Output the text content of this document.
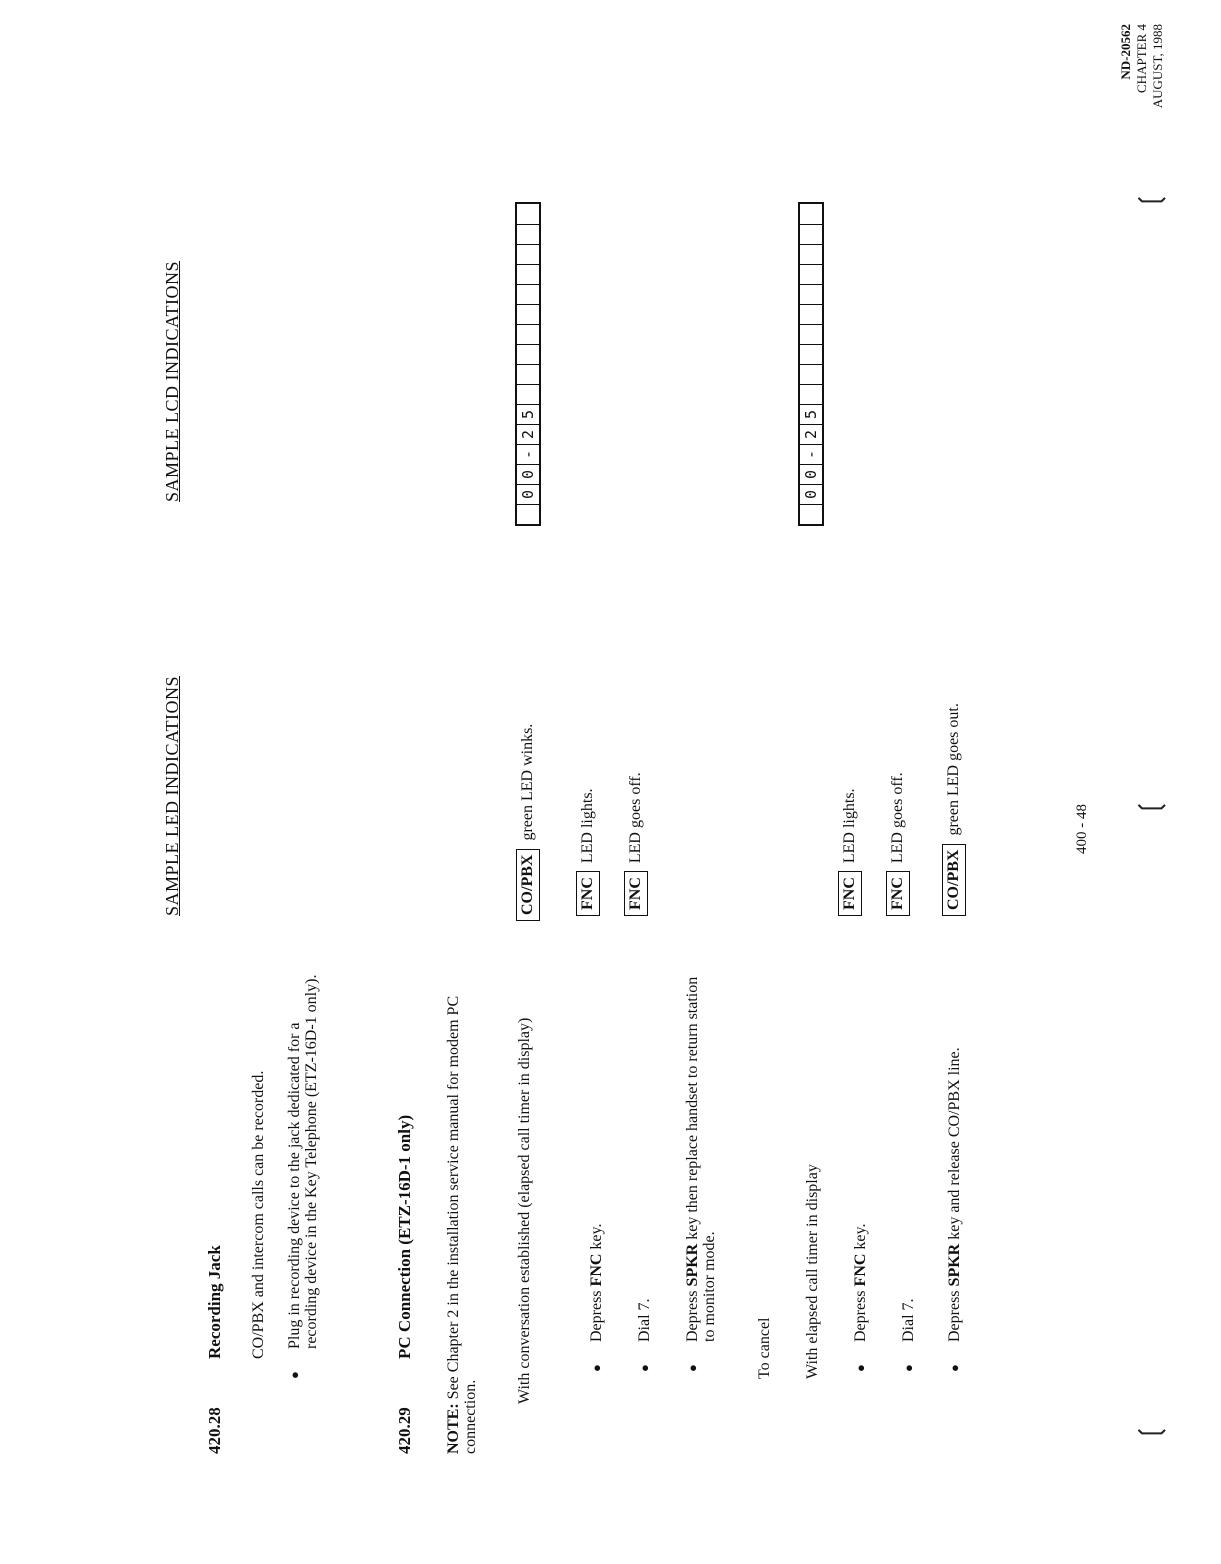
ND-20562 CHAPTER 4 AUGUST, 1988
SAMPLE LED INDICATIONS
SAMPLE LCD INDICATIONS
420.28
Recording Jack CO/PBX and intercom calls can be recorded. ● Plug in recording device to the jack dedicated for a recording device in the Key Telephone (ETZ-16D-1 only).
420.29
PC Connection (ETZ-16D-1 only)
NOTE: See Chapter 2 in the installation service manual for modem PC connection.
With conversation established (elapsed call timer in display)	● Depress FNC key.
● Dial 7. ● Depress SPKR key then replace handset to return station to monitor mode.
To cancel With elapsed call timer in display ● Depress FNC key.
● Dial 7. ● Depress SPKR key and release CO/PBX line.
CO/PBX
green LED winks.
FNC
LED lights.
FNC
LED goes off.
FNC
LED lights.
FNC
LED goes off.
CO/PBX
green LED goes out.
0
0
-
2
5
0
0
-
2
5
400 - 48
❲
❲
❲
